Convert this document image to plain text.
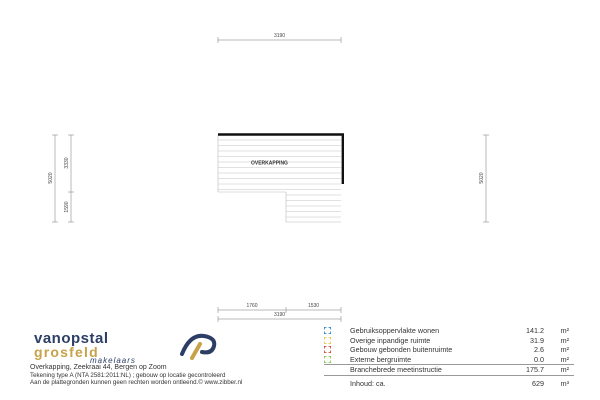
3190
5020
3330
1590
5020
1760	1530
3190
OVERKAPPING
vanopstal
grosfeld
makelaars
Overkapping, Zeekraai 44, Bergen op Zoom
Tekening type A (NTA 2581:2011:NL) ; gebouw op locatie gecontroleerd
Aan de plattegronden kunnen geen rechten worden ontleend.© www.zibber.nl
Gebruiksoppervlakte wonen	141.2 m²
Overige inpandige ruimte	31.9 m²
Gebouw gebonden buitenruimte	2.6 m²
Externe bergruimte	0.0 m²
Branchebrede meetinstructie	175.7 m²
Inhoud: ca.	629 m³
